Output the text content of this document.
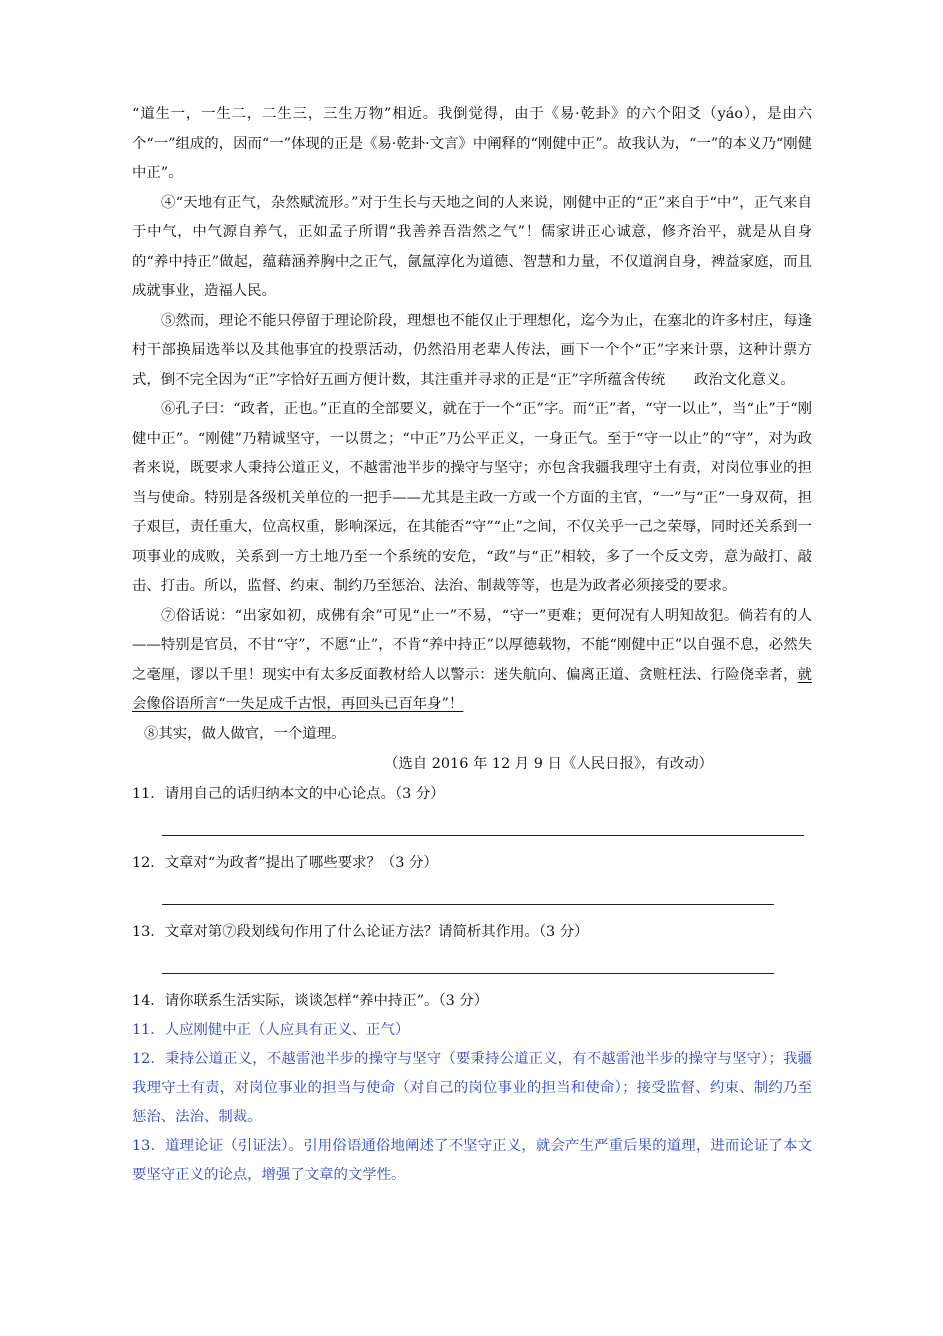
“道生一，一生二，二生三，三生万物”相近。我倒觉得，由于《易·乾卦》的六个阳爻（yáo），是由六个“一”组成的，因而“一”体现的正是《易·乾卦·文言》中阐释的“刚健中正”。故我认为，“一”的本义乃“刚健中正”。

④“天地有正气，杂然赋流形。”对于生长与天地之间的人来说，刚健中正的“正”来自于“中”，正气来自于中气，中气源自养气，正如孟子所谓“我善养吾浩然之气”！儒家讲正心诚意，修齐治平，就是从自身的“养中持正”做起，蕴藉涵养胸中之正气，氤氲淳化为道德、智慧和力量，不仅道润自身，裨益家庭，而且成就事业，造福人民。

⑤然而，理论不能只停留于理论阶段，理想也不能仅止于理想化，迄今为止，在塞北的许多村庄，每逢村干部换届选举以及其他事宜的投票活动，仍然沿用老辈人传法，画下一个个“正”字来计票，这种计票方式，倒不完全因为“正”字恰好五画方便计数，其注重并寻求的正是“正”字所蕴含传统　　政治文化意义。

⑥孔子曰：“政者，正也。”正直的全部要义，就在于一个“正”字。而“正”者，“守一以止”，当“止”于“刚健中正”。“刚健”乃精诚坚守，一以贯之；“中正”乃公平正义，一身正气。至于“守一以止”的“守”，对为政者来说，既要求人秉持公道正义，不越雷池半步的操守与坚守；亦包含我疆我理守土有责，对岗位事业的担当与使命。特别是各级机关单位的一把手——尤其是主政一方或一个方面的主官，“一”与“正”一身双荷，担子艰巨，责任重大，位高权重，影响深远，在其能否“守”“止”之间，不仅关乎一己之荣辱，同时还关系到一项事业的成败，关系到一方土地乃至一个系统的安危，“政”与“正”相较，多了一个反文旁，意为敲打、敲击、打击。所以，监督、约束、制约乃至惩治、法治、制裁等等，也是为政者必须接受的要求。

⑦俗话说：“出家如初，成佛有余”可见“止一”不易，“守一”更难；更何况有人明知故犯。倘若有的人——特别是官员，不甘“守”，不愿“止”，不肯“养中持正”以厚德载物，不能“刚健中正”以自强不息，必然失之毫厘，谬以千里！现实中有太多反面教材给人以警示：迷失航向、偏离正道、贪赃枉法、行险侥幸者，就会像俗语所言“一失足成千古恨，再回头已百年身”！

⑧其实，做人做官，一个道理。

（选自 2016 年 12 月 9 日《人民日报》，有改动）

11．请用自己的话归纳本文的中心论点。（3 分）

12．文章对“为政者”提出了哪些要求？（3 分）

13．文章对第⑦段划线句作用了什么论证方法？请简析其作用。（3 分）

14．请你联系生活实际，谈谈怎样“养中持正”。（3 分）

11．人应刚健中正（人应具有正义、正气）

12．秉持公道正义，不越雷池半步的操守与坚守（要秉持公道正义，有不越雷池半步的操守与坚守）；我疆我理守土有责，对岗位事业的担当与使命（对自己的岗位事业的担当和使命）；接受监督、约束、制约乃至惩治、法治、制裁。

13．道理论证（引证法）。引用俗语通俗地阐述了不坚守正义，就会产生严重后果的道理，进而论证了本文要坚守正义的论点，增强了文章的文学性。
